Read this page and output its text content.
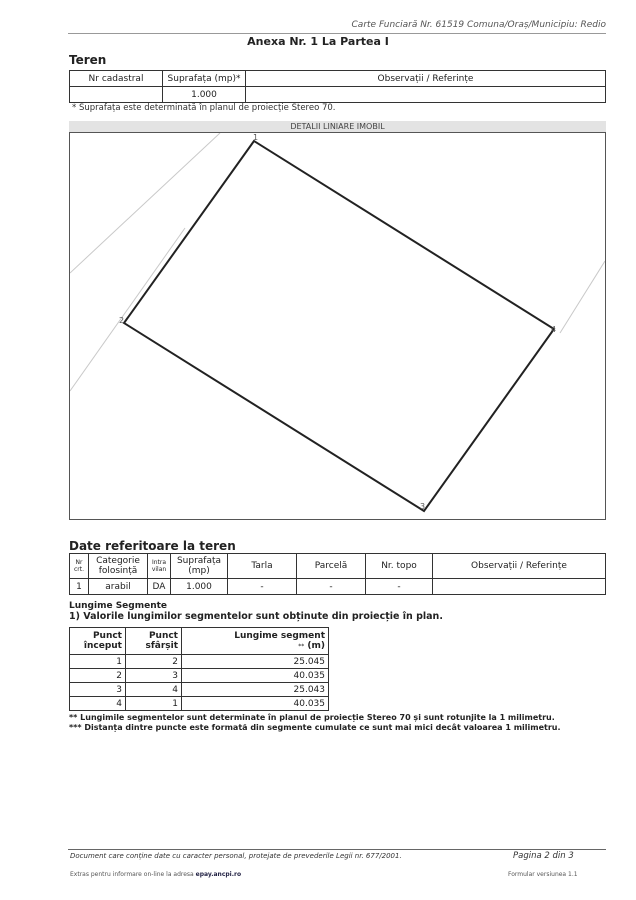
Carte Funciară Nr. 61519 Comuna/Oraș/Municipiu: Redio
Anexa Nr. 1 La Partea I
Teren
Nr cadastral	Suprafața (mp)*	Observații / Referințe
	1.000	
* Suprafața este determinată în planul de proiecție Stereo 70.
DETALII LINIARE IMOBIL
1
2
3
4
Date referitoare la teren
Nr crt.	Categorie folosință	Intra vilan	Suprafața (mp)	Tarla	Parcelă	Nr. topo	Observații / Referințe
1	arabil	DA	1.000	-	-	-	
Lungime Segmente
1) Valorile lungimilor segmentelor sunt obținute din proiecție în plan.
Punct început	Punct sfârșit	Lungime segment
** (m)

1	2	25.045
2	3	40.035
3	4	25.043
4	1	40.035
** Lungimile segmentelor sunt determinate în planul de proiecție Stereo 70 și sunt rotunjite la 1 milimetru.
*** Distanța dintre puncte este formată din segmente cumulate ce sunt mai mici decât valoarea 1 milimetru.
Document care conține date cu caracter personal, protejate de prevederile Legii nr. 677/2001.	Pagina 2 din 3
Extras pentru informare on-line la adresa epay.ancpi.ro	Formular versiunea 1.1
